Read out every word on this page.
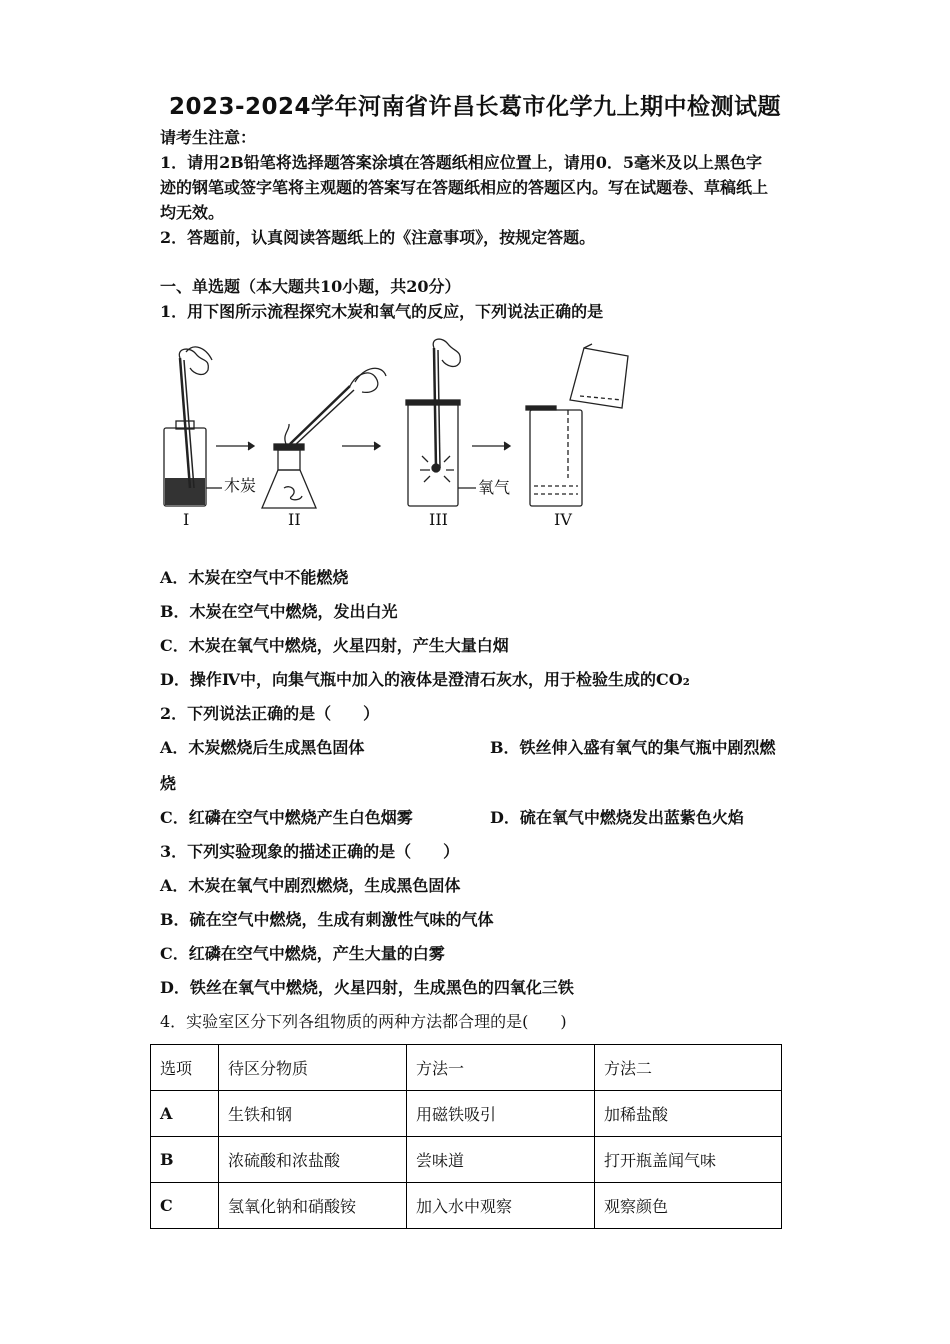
2023-2024学年河南省许昌长葛市化学九上期中检测试题
请考生注意：
1．请用2B铅笔将选择题答案涂填在答题纸相应位置上，请用0．5毫米及以上黑色字
迹的钢笔或签字笔将主观题的答案写在答题纸相应的答题区内。写在试题卷、草稿纸上
均无效。
2．答题前，认真阅读答题纸上的《注意事项》，按规定答题。
一、单选题（本大题共10小题，共20分）
1．用下图所示流程探究木炭和氧气的反应，下列说法正确的是
木炭	氧气
I	II	III	IV
A．木炭在空气中不能燃烧
B．木炭在空气中燃烧，发出白光
C．木炭在氧气中燃烧，火星四射，产生大量白烟
D．操作Ⅳ中，向集气瓶中加入的液体是澄清石灰水，用于检验生成的CO₂
2．下列说法正确的是（　　）
A．木炭燃烧后生成黑色固体	B．铁丝伸入盛有氧气的集气瓶中剧烈燃
烧
C．红磷在空气中燃烧产生白色烟雾	D．硫在氧气中燃烧发出蓝紫色火焰
3．下列实验现象的描述正确的是（　　）
A．木炭在氧气中剧烈燃烧，生成黑色固体
B．硫在空气中燃烧，生成有刺激性气味的气体
C．红磷在空气中燃烧，产生大量的白雾
D．铁丝在氧气中燃烧，火星四射，生成黑色的四氧化三铁
4．实验室区分下列各组物质的两种方法都合理的是(　　)
选项	待区分物质	方法一	方法二
A	生铁和钢	用磁铁吸引	加稀盐酸
B	浓硫酸和浓盐酸	尝味道	打开瓶盖闻气味
C	氢氧化钠和硝酸铵	加入水中观察	观察颜色
